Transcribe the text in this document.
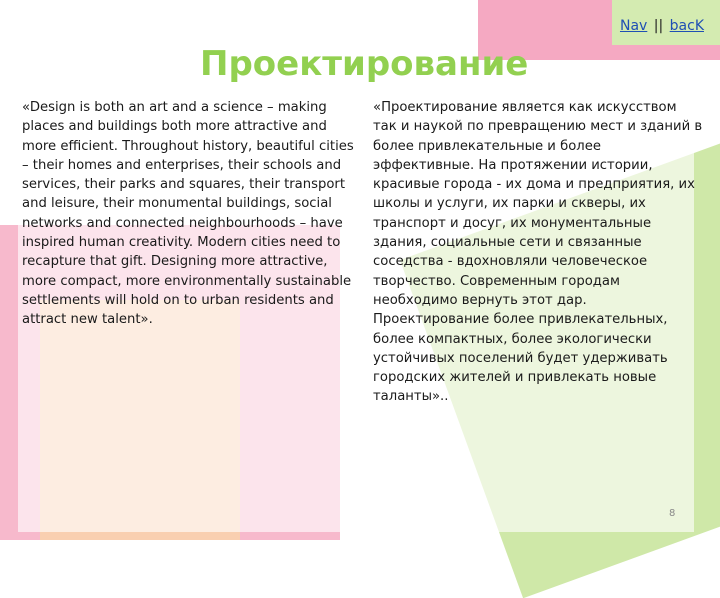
Nav || bacK
Проектирование
«Design is both an art and a science – making places and buildings both more attractive and more efficient. Throughout history, beautiful cities – their homes and enterprises, their schools and services, their parks and squares, their transport and leisure, their monumental buildings, social networks and connected neighbourhoods – have inspired human creativity. Modern cities need to recapture that gift. Designing more attractive, more compact, more environmentally sustainable settlements will hold on to urban residents and attract new talent».
«Проектирование является как искусством так и наукой по превращению мест и зданий в более привлекательные и более эффективные. На протяжении истории, красивые города - их дома и предприятия, их школы и услуги, их парки и скверы, их транспорт и досуг, их монументальные здания, социальные сети и связанные соседства - вдохновляли человеческое творчество. Современным городам необходимо вернуть этот дар. Проектирование более привлекательных, более компактных, более экологически устойчивых поселений будет удерживать городских жителей и привлекать новые таланты»..
8
